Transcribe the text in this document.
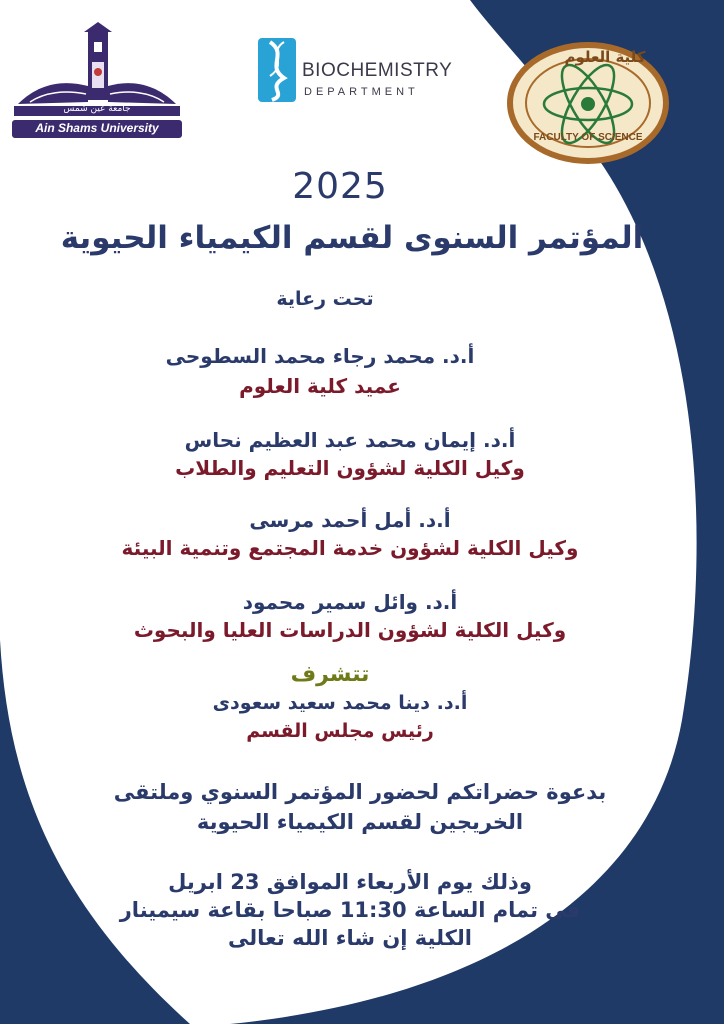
جامعة عين شمس
Ain Shams University
BIOCHEMISTRY
DEPARTMENT
كلية العلوم
FACULTY OF SCIENCE
2025
المؤتمر السنوى لقسم الكيمياء الحيوية
تحت رعاية
أ.د. محمد رجاء محمد السطوحى
عميد كلية العلوم
أ.د. إيمان محمد عبد العظيم نحاس
وكيل الكلية لشؤون التعليم والطلاب
أ.د. أمل أحمد مرسى
وكيل الكلية لشؤون خدمة المجتمع وتنمية البيئة
أ.د. وائل سمير محمود
وكيل الكلية لشؤون الدراسات العليا والبحوث
تتشرف
أ.د. دينا محمد سعيد سعودى
رئيس مجلس القسم
بدعوة حضراتكم لحضور المؤتمر السنوي وملتقى
الخريجين لقسم الكيمياء الحيوية
وذلك يوم الأربعاء الموافق 23 ابريل
فى تمام الساعة 11:30 صباحا بقاعة سيمينار
الكلية إن شاء الله تعالى
